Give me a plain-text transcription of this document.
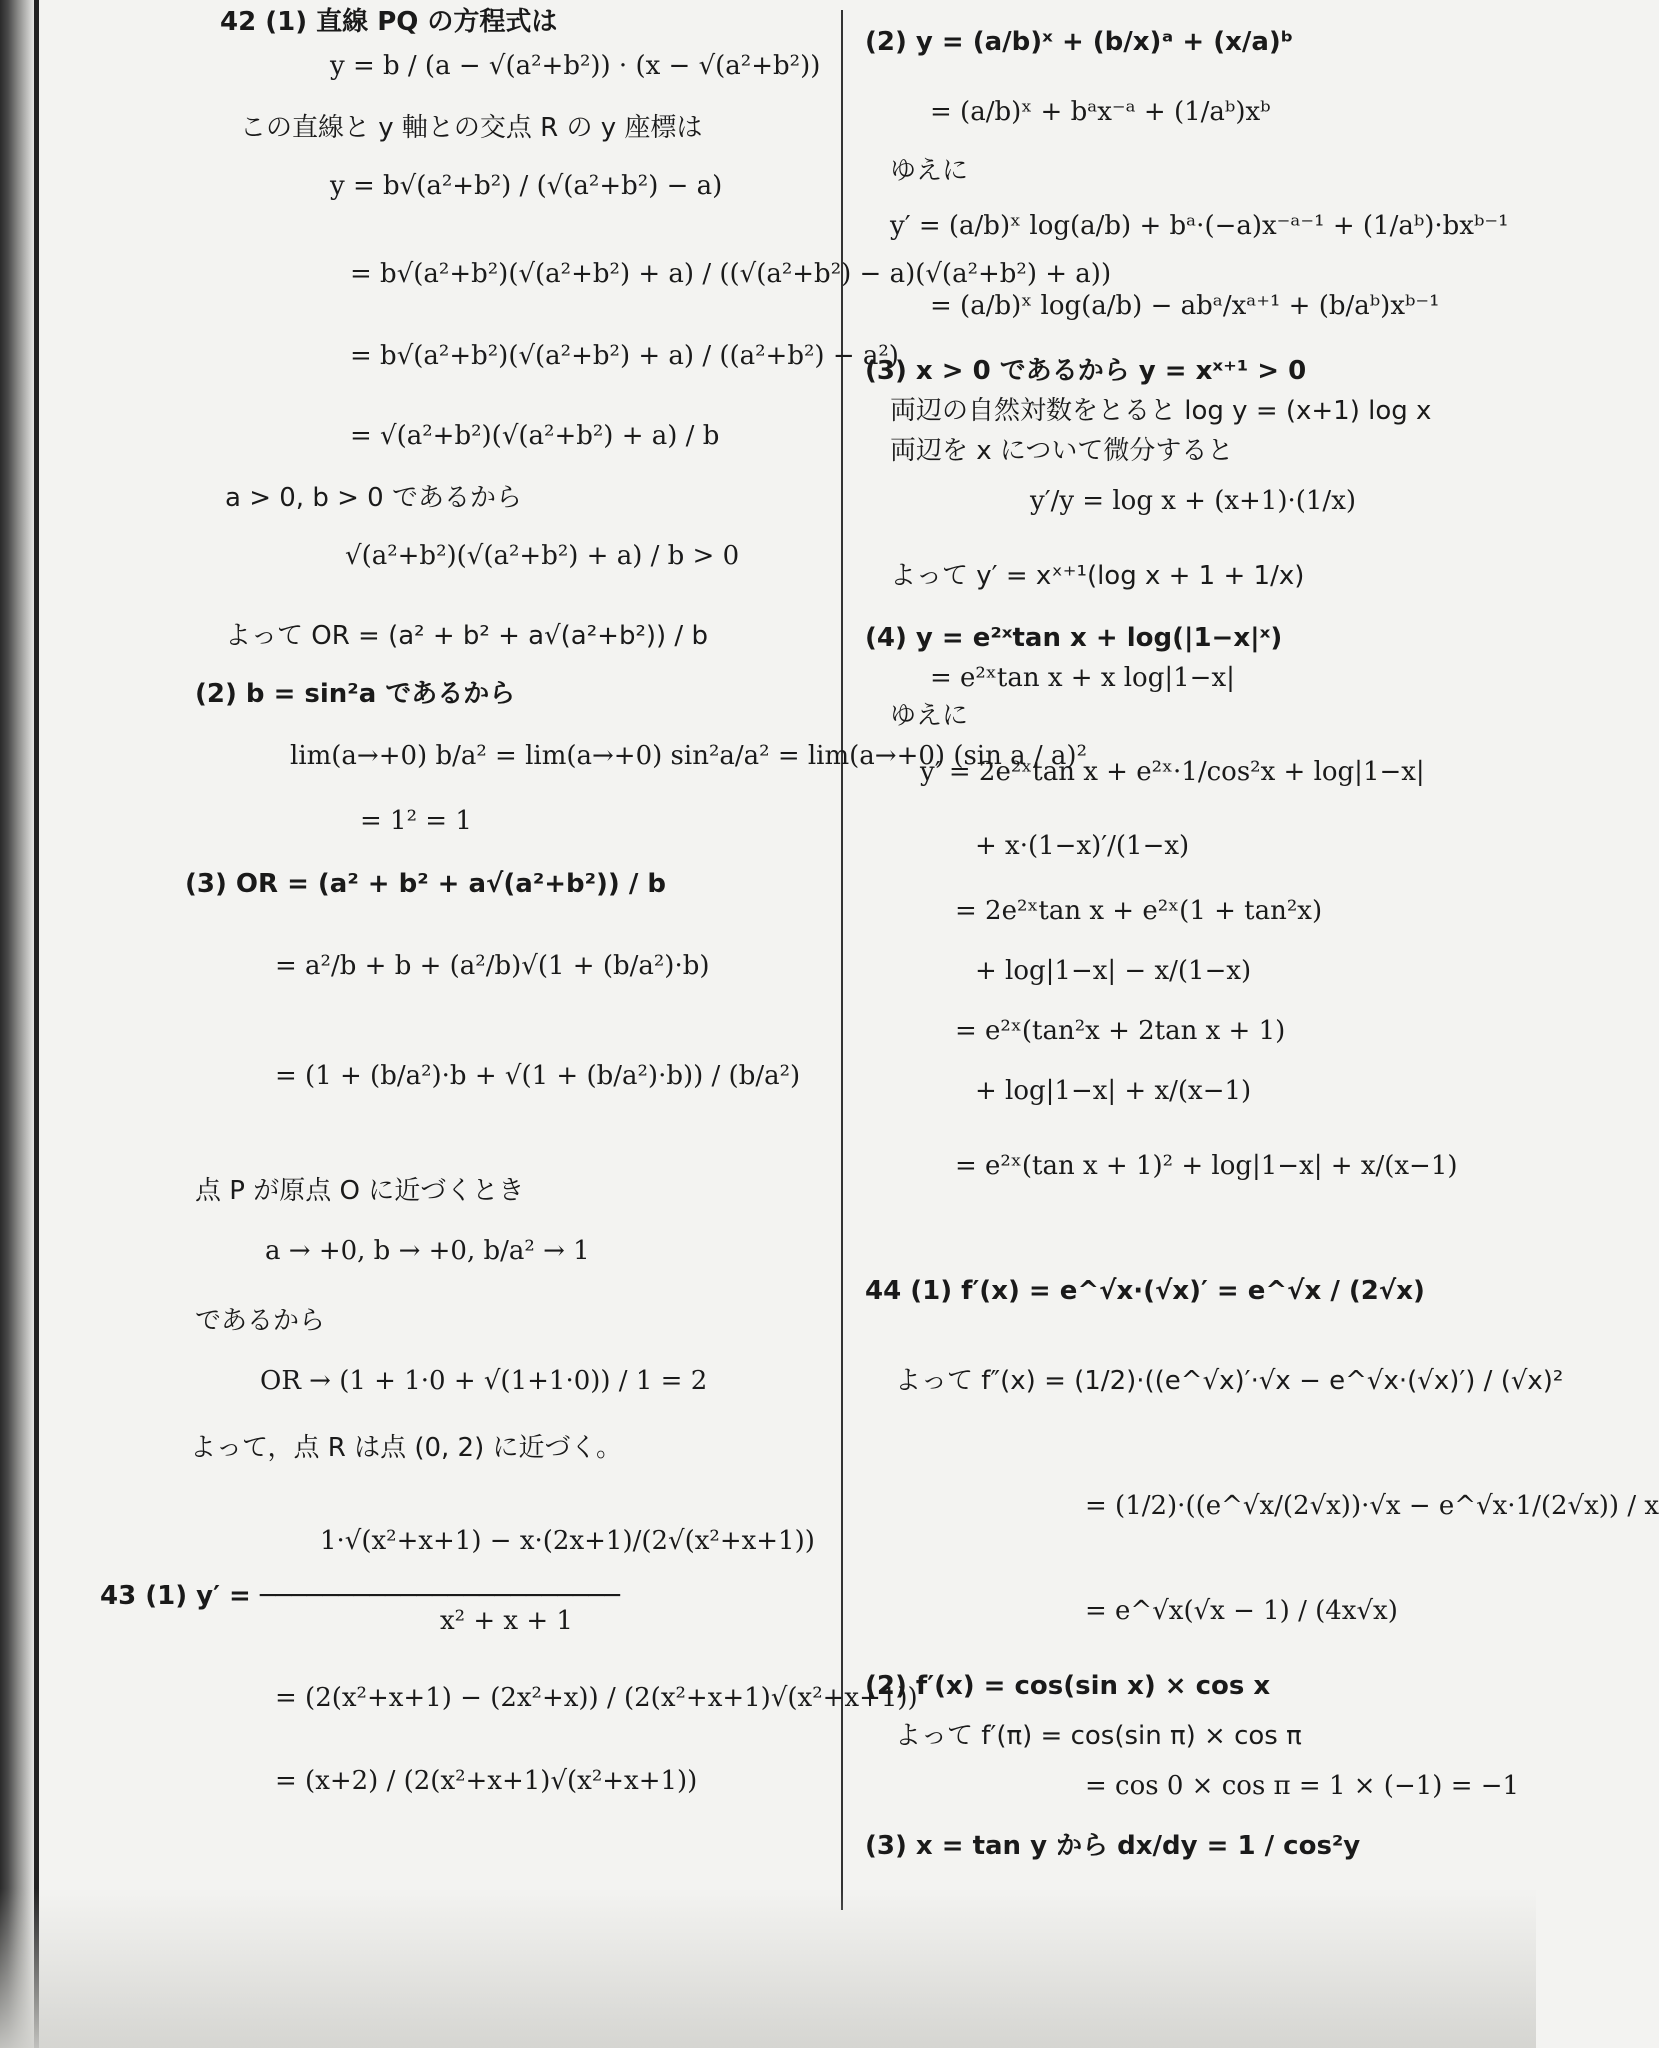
42 (1) 直線 PQ の方程式は
y = b / (a − √(a²+b²)) · (x − √(a²+b²))
この直線と y 軸との交点 R の y 座標は
y = b√(a²+b²) / (√(a²+b²) − a)
= b√(a²+b²)(√(a²+b²) + a) / ((√(a²+b²) − a)(√(a²+b²) + a))
= b√(a²+b²)(√(a²+b²) + a) / ((a²+b²) − a²)
= √(a²+b²)(√(a²+b²) + a) / b
a > 0, b > 0 であるから
√(a²+b²)(√(a²+b²) + a) / b > 0
よって OR = (a² + b² + a√(a²+b²)) / b
(2) b = sin²a であるから
lim(a→+0) b/a² = lim(a→+0) sin²a/a² = lim(a→+0) (sin a / a)²
= 1² = 1
(3) OR = (a² + b² + a√(a²+b²)) / b
= a²/b + b + (a²/b)√(1 + (b/a²)·b)
= (1 + (b/a²)·b + √(1 + (b/a²)·b)) / (b/a²)
点 P が原点 O に近づくとき
a → +0, b → +0, b/a² → 1
であるから
OR → (1 + 1·0 + √(1+1·0)) / 1 = 2
よって，点 R は点 (0, 2) に近づく。
1·√(x²+x+1) − x·(2x+1)/(2√(x²+x+1))
43 (1) y′ = ───────────────────────
x² + x + 1
= (2(x²+x+1) − (2x²+x)) / (2(x²+x+1)√(x²+x+1))
= (x+2) / (2(x²+x+1)√(x²+x+1))
(2) y = (a/b)ˣ + (b/x)ᵃ + (x/a)ᵇ
= (a/b)ˣ + bᵃx⁻ᵃ + (1/aᵇ)xᵇ
ゆえに
y′ = (a/b)ˣ log(a/b) + bᵃ·(−a)x⁻ᵃ⁻¹ + (1/aᵇ)·bxᵇ⁻¹
= (a/b)ˣ log(a/b) − abᵃ/xᵃ⁺¹ + (b/aᵇ)xᵇ⁻¹
(3) x > 0 であるから y = xˣ⁺¹ > 0
両辺の自然対数をとると log y = (x+1) log x
両辺を x について微分すると
y′/y = log x + (x+1)·(1/x)
よって y′ = xˣ⁺¹(log x + 1 + 1/x)
(4) y = e²ˣtan x + log(|1−x|ˣ)
= e²ˣtan x + x log|1−x|
ゆえに
y′ = 2e²ˣtan x + e²ˣ·1/cos²x + log|1−x|
+ x·(1−x)′/(1−x)
= 2e²ˣtan x + e²ˣ(1 + tan²x)
+ log|1−x| − x/(1−x)
= e²ˣ(tan²x + 2tan x + 1)
+ log|1−x| + x/(x−1)
= e²ˣ(tan x + 1)² + log|1−x| + x/(x−1)
44 (1) f′(x) = e^√x·(√x)′ = e^√x / (2√x)
よって f″(x) = (1/2)·((e^√x)′·√x − e^√x·(√x)′) / (√x)²
= (1/2)·((e^√x/(2√x))·√x − e^√x·1/(2√x)) / x
= e^√x(√x − 1) / (4x√x)
(2) f′(x) = cos(sin x) × cos x
よって f′(π) = cos(sin π) × cos π
= cos 0 × cos π = 1 × (−1) = −1
(3) x = tan y から dx/dy = 1 / cos²y
